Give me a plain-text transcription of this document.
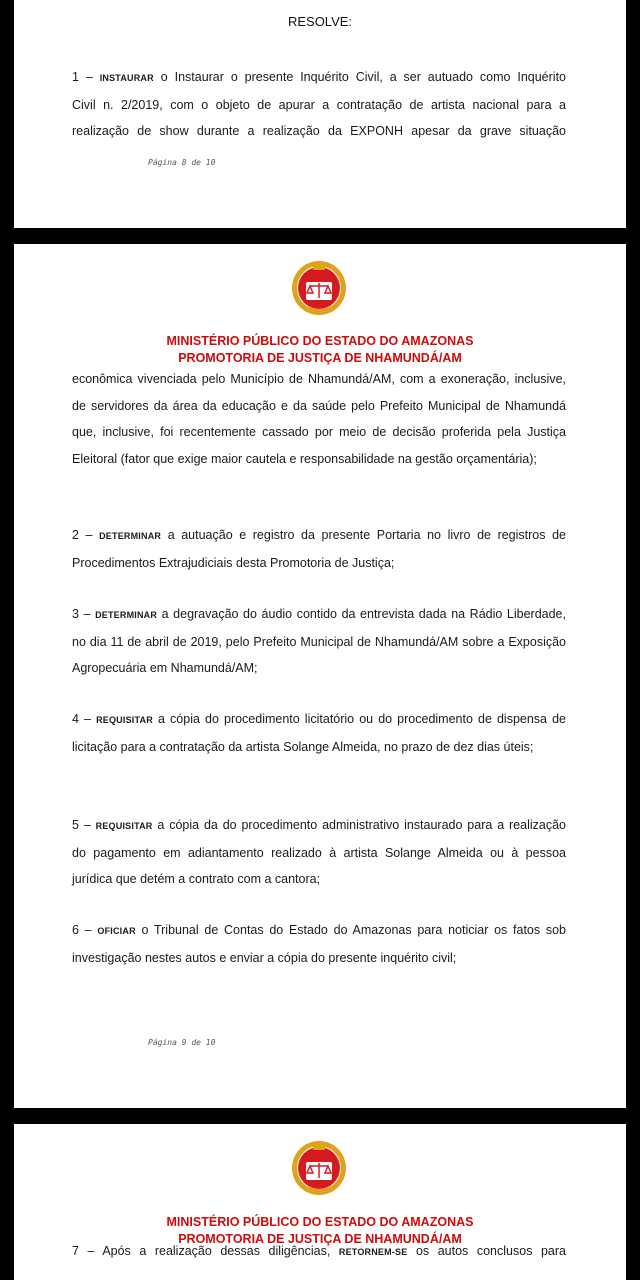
RESOLVE:
1 – INSTAURAR o Instaurar o presente Inquérito Civil, a ser autuado como Inquérito
Civil n. 2/2019, com o objeto de apurar a contratação de artista nacional para a
realização de show durante a realização da EXPONH apesar da grave situação
Página 8 de 10
MINISTÉRIO PÚBLICO DO ESTADO DO AMAZONAS
PROMOTORIA DE JUSTIÇA DE NHAMUNDÁ/AM
econômica vivenciada pelo Município de Nhamundá/AM, com a exoneração, inclusive, de servidores da área da educação e da saúde pelo Prefeito Municipal de Nhamundá que, inclusive, foi recentemente cassado por meio de decisão proferida pela Justiça Eleitoral (fator que exige maior cautela e responsabilidade na gestão orçamentária);
2 – DETERMINAR a autuação e registro da presente Portaria no livro de registros de Procedimentos Extrajudiciais desta Promotoria de Justiça;
3 – DETERMINAR a degravação do áudio contido da entrevista dada na Rádio Liberdade, no dia 11 de abril de 2019, pelo Prefeito Municipal de Nhamundá/AM sobre a Exposição Agropecuária em Nhamundá/AM;
4 – REQUISITAR a cópia do procedimento licitatório ou do procedimento de dispensa de licitação para a contratação da artista Solange Almeida, no prazo de dez dias úteis;
5 – REQUISITAR a cópia da do procedimento administrativo instaurado para a realização do pagamento em adiantamento realizado à artista Solange Almeida ou à pessoa jurídica que detém a contrato com a cantora;
6 – OFICIAR o Tribunal de Contas do Estado do Amazonas para noticiar os fatos sob investigação nestes autos e enviar a cópia do presente inquérito civil;
Página 9 de 10
MINISTÉRIO PÚBLICO DO ESTADO DO AMAZONAS
PROMOTORIA DE JUSTIÇA DE NHAMUNDÁ/AM
7 – Após a realização dessas diligências, RETORNEM-SE os autos conclusos para
